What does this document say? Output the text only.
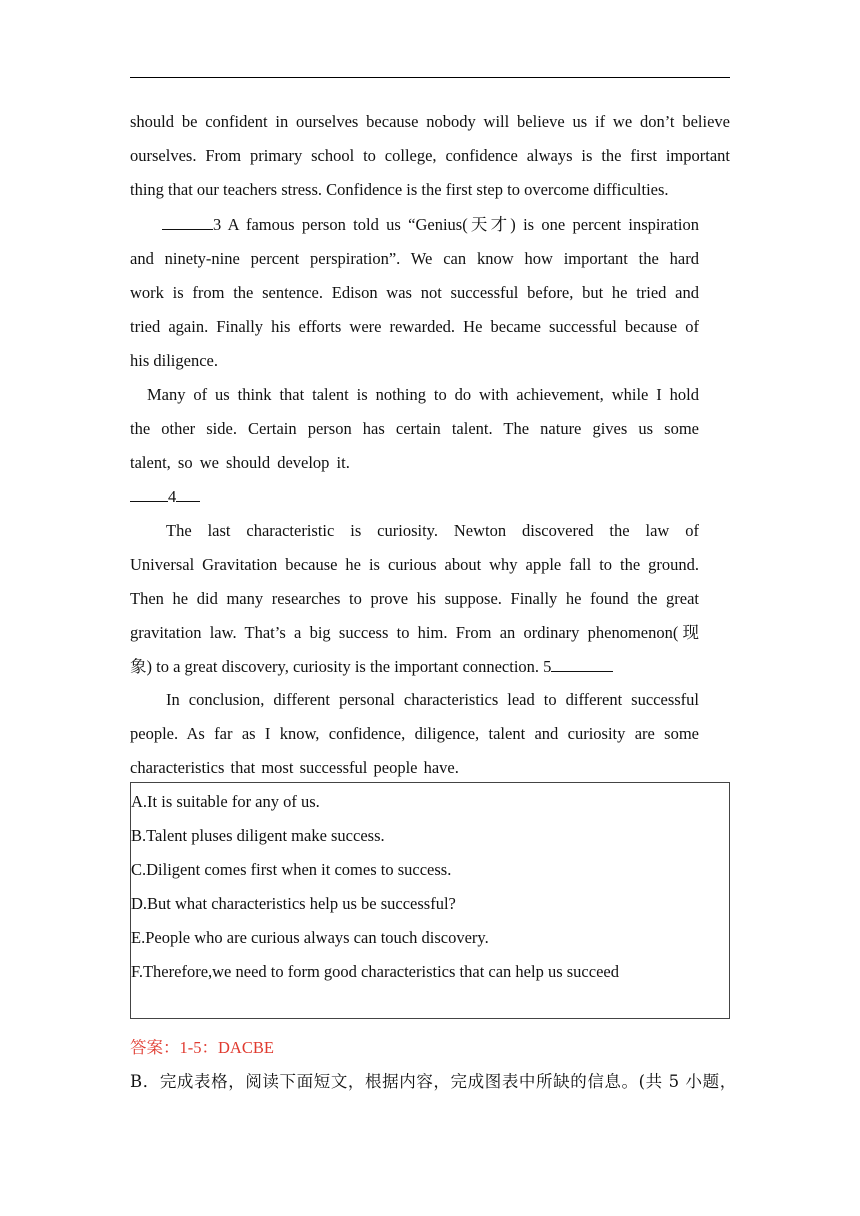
should be confident in ourselves because nobody will believe us if we don’t believe
ourselves. From primary school to college, confidence always is the first important
thing that our teachers stress. Confidence is the first step to overcome difficulties.
3 A famous person told us “Genius(天才) is one percent inspiration
and ninety-nine percent perspiration”. We can know how important the hard
work is from the sentence. Edison was not successful before, but he tried and
tried again. Finally his efforts were rewarded. He became successful because of
his diligence.
Many of us think that talent is nothing to do with achievement, while I hold
the other side. Certain person has certain talent. The nature gives us some
talent, so we should develop it.
4
The last characteristic is curiosity. Newton discovered the law of
Universal Gravitation because he is curious about why apple fall to the ground.
Then he did many researches to prove his suppose. Finally he found the great
gravitation law. That’s a big success to him. From an ordinary phenomenon(现
象) to a great discovery, curiosity is the important connection. 5
In conclusion, different personal characteristics lead to different successful
people. As far as I know, confidence, diligence, talent and curiosity are some
characteristics that most successful people have.
A.It is suitable for any of us.
B.Talent pluses diligent make success.
C.Diligent comes first when it comes to success.
D.But what characteristics help us be successful?
E.People who are curious always can touch discovery.
F.Therefore,we need to form good characteristics that can help us succeed
答案：1-5：DACBE
B．完成表格，阅读下面短文，根据内容，完成图表中所缺的信息。(共 5 小题，
